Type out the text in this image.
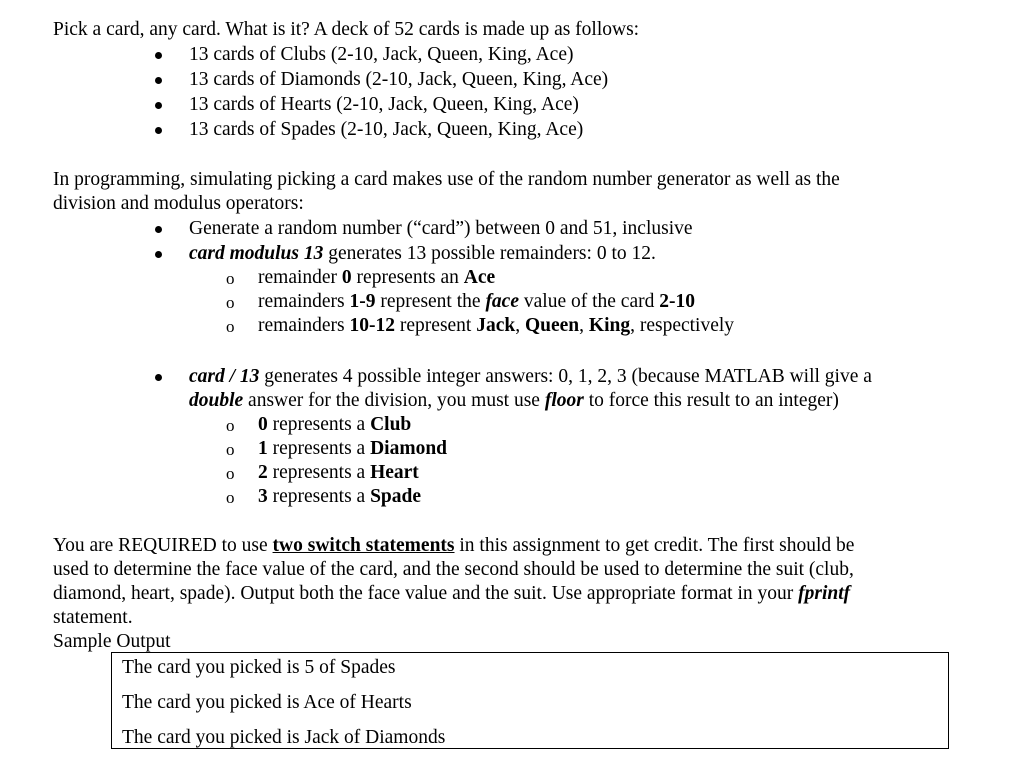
Pick a card, any card. What is it? A deck of 52 cards is made up as follows:
13 cards of Clubs (2-10, Jack, Queen, King, Ace)
13 cards of Diamonds (2-10, Jack, Queen, King, Ace)
13 cards of Hearts (2-10, Jack, Queen, King, Ace)
13 cards of Spades (2-10, Jack, Queen, King, Ace)
In programming, simulating picking a card makes use of the random number generator as well as the
division and modulus operators:
Generate a random number (“card”) between 0 and 51, inclusive
card modulus 13 generates 13 possible remainders: 0 to 12.
o remainder 0 represents an Ace
o remainders 1-9 represent the face value of the card 2-10
o remainders 10-12 represent Jack, Queen, King, respectively
card / 13 generates 4 possible integer answers: 0, 1, 2, 3 (because MATLAB will give a
double answer for the division, you must use floor to force this result to an integer)
o 0 represents a Club
o 1 represents a Diamond
o 2 represents a Heart
o 3 represents a Spade
You are REQUIRED to use two switch statements in this assignment to get credit. The first should be
used to determine the face value of the card, and the second should be used to determine the suit (club,
diamond, heart, spade). Output both the face value and the suit. Use appropriate format in your fprintf
statement.
Sample Output
The card you picked is 5 of Spades
The card you picked is Ace of Hearts
The card you picked is Jack of Diamonds
